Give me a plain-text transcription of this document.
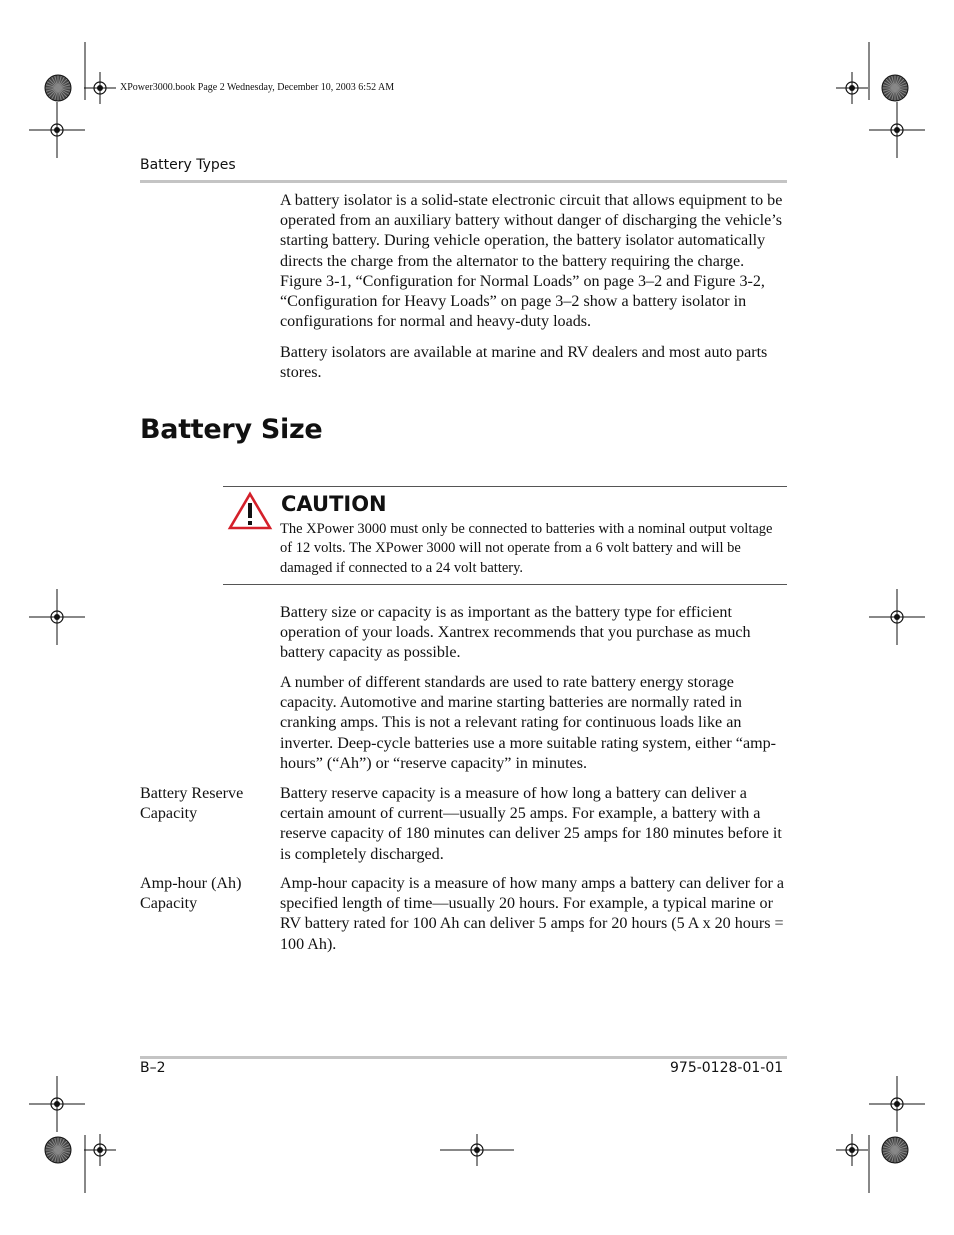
XPower3000.book Page 2 Wednesday, December 10, 2003 6:52 AM
Battery Types

A battery isolator is a solid-state electronic circuit that allows equipment to be operated from an auxiliary battery without danger of discharging the vehicle’s starting battery. During vehicle operation, the battery isolator automatically directs the charge from the alternator to the battery requiring the charge. Figure 3-1, “Configuration for Normal Loads” on page 3–2 and Figure 3-2, “Configuration for Heavy Loads” on page 3–2 show a battery isolator in configurations for normal and heavy-duty loads.

Battery isolators are available at marine and RV dealers and most auto parts stores.

Battery Size
CAUTION
The XPower 3000 must only be connected to batteries with a nominal output voltage of 12 volts. The XPower 3000 will not operate from a 6 volt battery and will be damaged if connected to a 24 volt battery.

Battery size or capacity is as important as the battery type for efficient operation of your loads. Xantrex recommends that you purchase as much battery capacity as possible.

A number of different standards are used to rate battery energy storage capacity. Automotive and marine starting batteries are normally rated in cranking amps. This is not a relevant rating for continuous loads like an inverter. Deep-cycle batteries use a more suitable rating system, either “amp-hours” (“Ah”) or “reserve capacity” in minutes.

Battery Reserve Capacity

Battery reserve capacity is a measure of how long a battery can deliver a certain amount of current—usually 25 amps. For example, a battery with a reserve capacity of 180 minutes can deliver 25 amps for 180 minutes before it is completely discharged.

Amp-hour (Ah) Capacity

Amp-hour capacity is a measure of how many amps a battery can deliver for a specified length of time—usually 20 hours. For example, a typical marine or RV battery rated for 100 Ah can deliver 5 amps for 20 hours (5 A x 20 hours = 100 Ah).

B–2	975-0128-01-01
